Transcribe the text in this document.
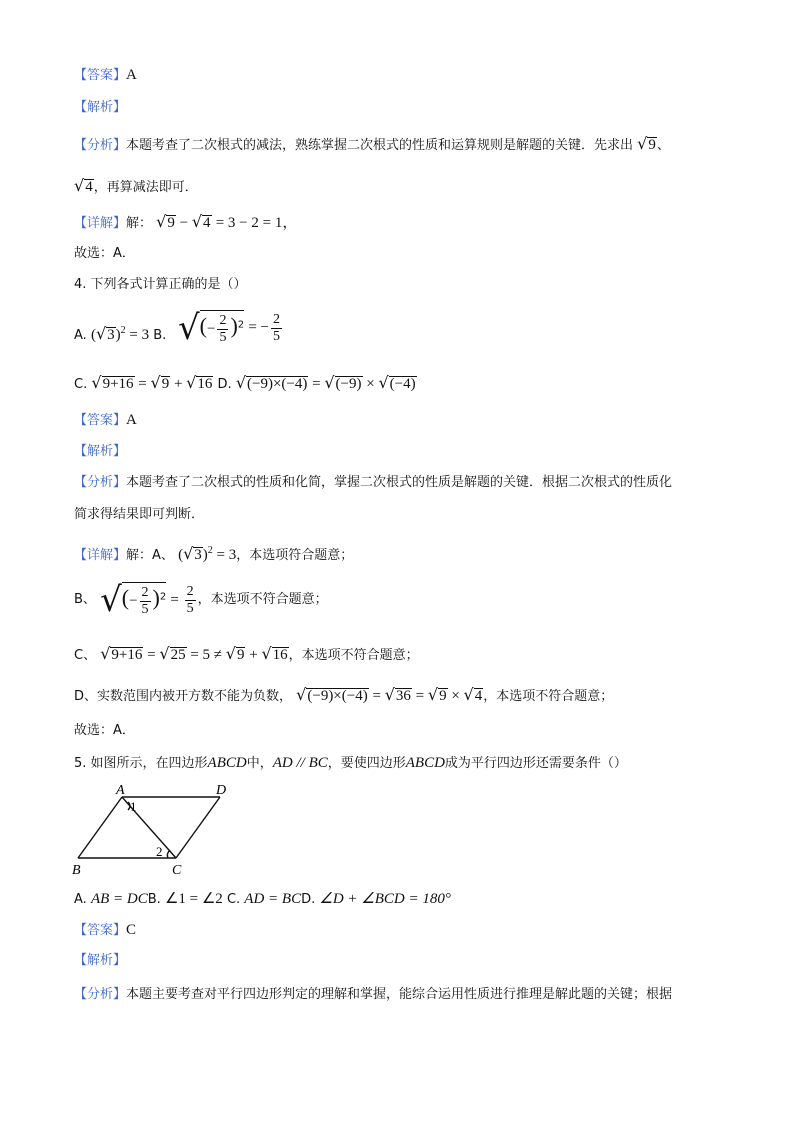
【答案】A
【解析】
【分析】本题考查了二次根式的减法，熟练掌握二次根式的性质和运算规则是解题的关键．先求出 √9、
√4，再算减法即可．
【详解】解： √9 − √4 = 3 − 2 = 1，
故选：A．
4. 下列各式计算正确的是（）
A. $(√3)^2 = 3$ B. √(− $\frac{2}{5} )^2$ = − $\frac{2}{5}$
C. √9+16 = √9 + √16 D. √(−9)×(−4) = √(−9) × √(−4)
【答案】A
【解析】
【分析】本题考查了二次根式的性质和化简，掌握二次根式的性质是解题的关键．根据二次根式的性质化
简求得结果即可判断．
【详解】解：A、 $(√3)^2 = 3$，本选项符合题意；
B、 √(− $\frac{2}{5} )^2 = \frac{2}{5}$ ，本选项不符合题意；
C、 √9+16 = √25 = 5 ≠ √9 + √16，本选项不符合题意；
D、实数范围内被开方数不能为负数， √(−9)×(−4) = √36 = √9 × √4，本选项不符合题意；
故选：A．
5. 如图所示，在四边形ABCD中，AD // BC，要使四边形ABCD成为平行四边形还需要条件（）
A	D
B	C
1
2
A. AB = DCB. ∠1 = ∠2 C. AD = BCD. ∠D + ∠BCD = 180°
【答案】C
【解析】
【分析】本题主要考查对平行四边形判定的理解和掌握，能综合运用性质进行推理是解此题的关键；根据
